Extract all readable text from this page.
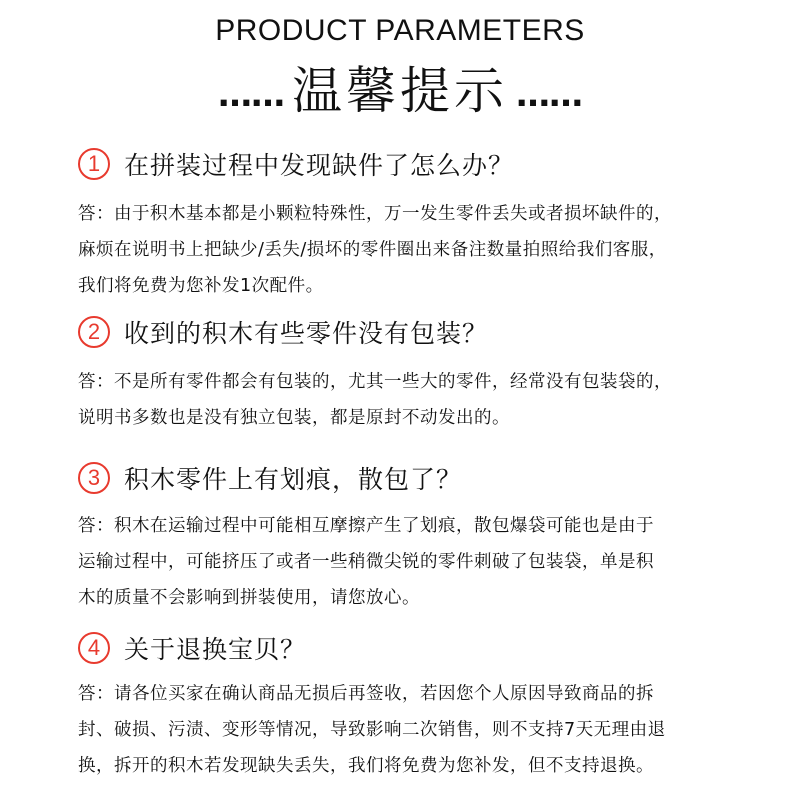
PRODUCT PARAMETERS
…… 温馨提示 ……
1 在拼装过程中发现缺件了怎么办？
答：由于积木基本都是小颗粒特殊性，万一发生零件丢失或者损坏缺件的，
麻烦在说明书上把缺少/丢失/损坏的零件圈出来备注数量拍照给我们客服，
我们将免费为您补发1次配件。
2 收到的积木有些零件没有包装？
答：不是所有零件都会有包装的，尤其一些大的零件，经常没有包装袋的，
说明书多数也是没有独立包装，都是原封不动发出的。
3 积木零件上有划痕，散包了？
答：积木在运输过程中可能相互摩擦产生了划痕，散包爆袋可能也是由于
运输过程中，可能挤压了或者一些稍微尖锐的零件刺破了包装袋，单是积
木的质量不会影响到拼装使用，请您放心。
4 关于退换宝贝？
答：请各位买家在确认商品无损后再签收，若因您个人原因导致商品的拆
封、破损、污渍、变形等情况，导致影响二次销售，则不支持7天无理由退
换，拆开的积木若发现缺失丢失，我们将免费为您补发，但不支持退换。
